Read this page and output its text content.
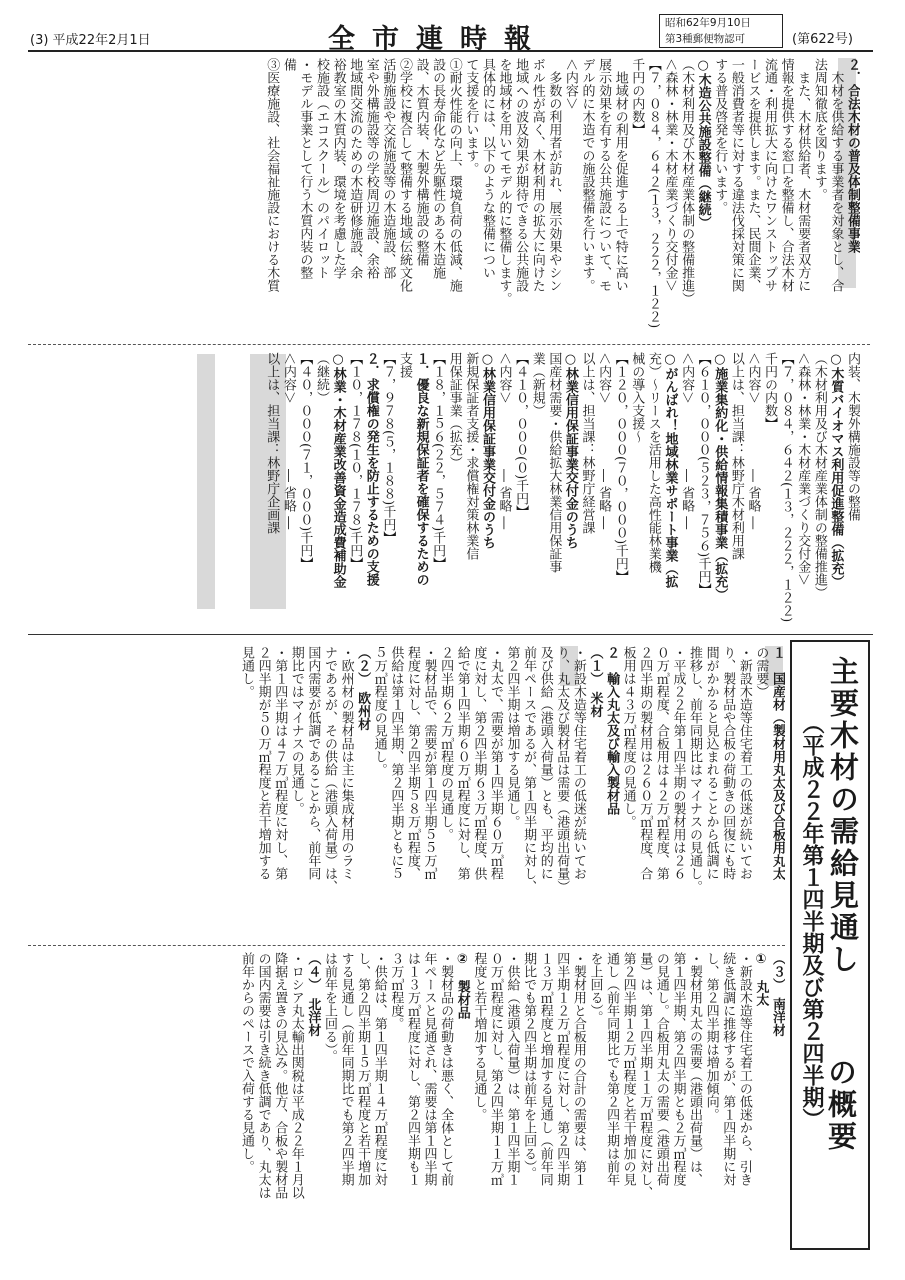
(3) 平成22年2月1日	全市連時報
昭和62年9月10日
第3種郵便物認可	(第622号)
２．合法木材の普及体制整備事業
　木材を供給する事業者を対象とし、合
法周知徹底を図ります。
　また、木材供給者、木材需要者双方に
情報を提供する窓口を整備し、合法木材
流通・利用拡大に向けたワンストップサ
ービスを提供します。また、民間企業、
一般消費者等に対する違法伐採対策に関
する普及啓発を行います。
○木造公共施設整備（継続）
（木材利用及び木材産業体制の整備推進）
＜森林・林業・木材産業づくり交付金＞
【７，０８４，６４２(１３，２２２，１２２)
千円の内数】
　地域材の利用を促進する上で特に高い
展示効果を有する公共施設について、モ
デル的に木造での施設整備を行います。
＜内容＞
　多数の利用者が訪れ、展示効果やシン
ボル性が高く、木材利用の拡大に向けた
地域への波及効果が期待できる公共施設
を地域材を用いてモデル的に整備します。
具体的には、以下のような整備につい
て支援を行います。
①耐火性能の向上、環境負荷の低減、施
設の長寿命化など先駆性のある木造施
設、木質内装、木製外構施設の整備
②学校に複合して整備する地域伝統文化
活動施設や交流施設等の木造施設、部
室や外構施設等の学校周辺施設、余裕
地域間交流のための木造研修施設、余
裕教室の木質内装、環境を考慮した学
校施設（エコスクール）のパイロット
・モデル事業として行う木質内装の整
備
③医療施設、社会福祉施設における木質
内装、木製外構施設等の整備
○木質バイオマス利用促進整備（拡充）
（木材利用及び木材産業体制の整備推進）
＜森林・林業・木材産業づくり交付金＞
【７，０８４，６４２(１３，２２２，１２２)
千円の内数】
＜内容＞　　　　　― 省略 ―
以上は、担当課：林野庁木材利用課
○施業集約化・供給情報集積事業（拡充）
【６１０，０００(５２３，７５６)千円】
＜内容＞　　　　　― 省略 ―
○がんばれ！地域林業サポート事業（拡
充）～リースを活用した高性能林業機
械の導入支援～
【１２０，０００(７０，０００)千円】
＜内容＞　　　　　― 省略 ―
以上は、担当課：林野庁経営課
○林業信用保証事業交付金のうち
国産材需要・供給拡大林業信用保証事
業（新規）
【４１０，０００(０)千円】
＜内容＞　　　　　― 省略 ―
○林業信用保証事業交付金のうち
新規保証者支援・求償権対策林業信
用保証事業（拡充）
【１８，１５６(２２，５７４)千円】
１．優良な新規保証者を確保するための
支援
【７，９７８(５，１８８)千円】
２．求償権の発生を防止するための支援
【１０，１７８(１０，１７８)千円】
○林業・木材産業改善資金造成費補助金
（継続）
【４０，０００(７１，０００)千円】
＜内容＞　　　　　― 省略 ―
以上は、担当課：林野庁企画課
主要木材の需給見通し
（平成２２年第１四半期及び第２四半期） の概要
１　国産材（製材用丸太及び合板用丸太
の需要）
・新設木造等住宅着工の低迷が続いてお
り、製材品や合板の荷動きの回復にも時
間がかかると見込まれることから低調に
推移し、前年同期比はマイナスの見通し。
・平成２２年第１四半期の製材用は２６
０万㎥程度、合板用は４２万㎥程度、第
２四半期の製材用は２６０万㎥程度、合
板用は４３万㎥程度の見通し。
２　輸入丸太及び輸入製材品
（１）　米材
・新設木造等住宅着工の低迷が続いてお
り、丸太及び製材品は需要（港頭出荷量）
及び供給（港頭入荷量）とも、平均的に
前年ペースであるが、第１四半期に対し、
第２四半期は増加する見通し。
・丸太で、需要が第１四半期６０万㎥程
度に対し、第２四半期６３万㎥程度、供
給で第１四半期６０万㎥程度に対し、第
２四半期６２万㎥程度の見通し。
・製材品で、需要が第１四半期５５万㎥
程度に対し、第２四半期５８万㎥程度、
供給は第１四半期、第２四半期ともに５
５万㎥程度の見通し。
（２）　欧州材
・欧州材の製材品は主に集成材用のラミ
ナであるが、その供給（港頭入荷量）は、
国内需要が低調であることから、前年同
期比ではマイナスの見通し。
・第１四半期は４７万㎥程度に対し、第
２四半期が５０万㎥程度と若干増加する
見通し。
（３）　南洋材
①　丸太
・新設木造等住宅着工の低迷から、引き
続き低調に推移するが、第１四半期に対
し、第２四半期は増加傾向。
・製材用丸太の需要（港頭出荷量）は、
第１四半期、第２四半期とも２万㎥程度
の見通し。合板用丸太の需要（港頭出荷
量）は、第１四半期１１万㎥程度に対し、
第２四半期１２万㎥程度と若干増加の見
通し（前年同期比でも第２四半期は前年
を上回る）。
・製材用と合板用の合計の需要は、第１
四半期１２万㎥程度に対し、第２四半期
１３万㎥程度と増加する見通し（前年同
期比でも第２四半期は前年を上回る）。
・供給（港頭入荷量）は、第１四半期１
０万㎥程度に対し、第２四半期１１万㎥
程度と若干増加する見通し。
②　製材品
・製材品の荷動きは悪く、全体として前
年ペースと見通され、需要は第１四半期
は１３万㎥程度に対し、第２四半期も１
３万㎥程度。
・供給は、第１四半期１４万㎥程度に対
し、第２四半期１５万㎥程度と若干増加
する見通し（前年同期比でも第２四半期
は前年を上回る）。
（４）　北洋材
・ロシア丸太輸出関税は平成２２年１月以
降据え置きの見込み。他方、合板や製材品
の国内需要は引き続き低調であり、丸太は
前年からのペースで入荷する見通し。
